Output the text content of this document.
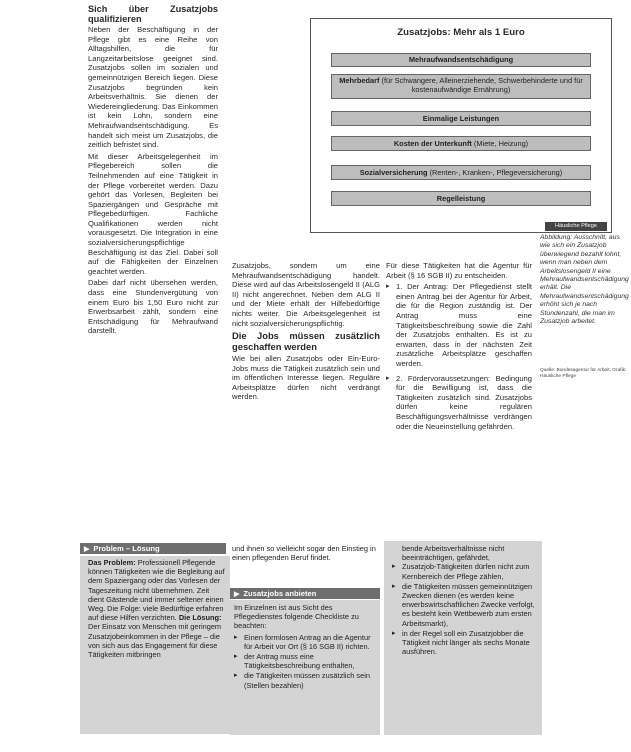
Sich über Zusatzjobs qualifizieren

Neben der Beschäftigung in der Pflege gibt es eine Reihe von Alltagshilfen, die für Langzeitarbeitslose geeignet sind. Zusatzjobs sollen im sozialen und gemeinnützigen Bereich liegen. Diese Zusatzjobs begründen kein Arbeitsverhältnis. Sie dienen der Wiedereingliederung. Das Einkommen ist kein Lohn, sondern eine Mehraufwandsentschädigung. Es handelt sich meist um Zusatzjobs, die zeitlich befristet sind.

Mit dieser Arbeitsgelegenheit im Pflegebereich sollen die Teilnehmenden auf eine Tätigkeit in der Pflege vorbereitet werden. Dazu gehört das Vorlesen, Begleiten bei Spaziergängen und Gespräche mit Pflegebedürftigen. Fachliche Qualifikationen werden nicht vorausgesetzt. Die Integration in eine sozialversicherungspflichtige Beschäftigung ist das Ziel. Dabei soll auf die Fähigkeiten der Einzelnen geachtet werden.

Dabei darf nicht übersehen werden, dass eine Stundenvergütung von einem Euro bis 1,50 Euro nicht zur Erwerbsarbeit zählt, sondern eine Entschädigung für Mehraufwand darstellt.

Zusatzjobs: Mehr als 1 Euro
Mehraufwandsentschädigung
Mehrbedarf (für Schwangere, Alleinerziehende, Schwerbehinderte und für kostenaufwändige Ernährung)
Einmalige Leistungen
Kosten der Unterkunft (Miete, Heizung)
Sozialversicherung (Renten-, Kranken-, Pflegeversicherung)
Regelleistung
Häusliche Pflege
Abbildung: Ausschnitt, aus wie sich ein Zusatzjob überwiegend bezahlt lohnt, wenn man neben dem Arbeitslosengeld II eine Mehraufwandsentschädigung erhält. Die Mehraufwandsentschädigung erhöht sich je nach Stundenzahl, die man im Zusatzjob arbeitet.
Quelle: Bundesagentur für Arbeit, Grafik: Häusliche Pflege

Zusatzjobs, sondern um eine Mehraufwandsentschädigung handelt. Diese wird auf das Arbeitslosengeld II (ALG II) nicht angerechnet. Neben dem ALG II und der Miete erhält der Hilfebedürftige nichts weiter. Die Arbeitsgelegenheit ist nicht sozialversicherungspflichtig.

Die Jobs müssen zusätzlich geschaffen werden

Wie bei allen Zusatzjobs oder Ein-Euro-Jobs muss die Tätigkeit zusätzlich sein und im öffentlichen Interesse liegen. Reguläre Arbeitsplätze dürfen nicht verdrängt werden.

Für diese Tätigkeiten hat die Agentur für Arbeit (§ 16 SGB II) zu entscheiden.

▸ 1. Der Antrag: Der Pflegedienst stellt einen Antrag bei der Agentur für Arbeit, die für die Region zuständig ist. Der Antrag muss eine Tätigkeitsbeschreibung sowie die Zahl der Zusatzjobs enthalten. Es ist zu erwarten, dass in der nächsten Zeit zusätzliche Arbeitsplätze geschaffen werden.
▸ 2. Fördervoraussetzungen: Bedingung für die Bewilligung ist, dass die Tätigkeiten zusätzlich sind. Zusatzjobs dürfen keine regulären Beschäftigungsverhältnisse verdrängen oder die Neueinstellung gefährden.
▶ Problem – Lösung
Das Problem: Professionell Pflegende können Tätigkeiten wie die Begleitung auf dem Spaziergang oder das Vorlesen der Tageszeitung nicht übernehmen. Zeit dient Gästende und immer seltener einen Weg. Die Folge: viele Bedürftige erfahren auf diese Hilfen verzichten. Die Lösung: Der Einsatz von Menschen mit geringem Zusatzjobeinkommen in der Pflege – die von sich aus das Engagement für diese Tätigkeiten mitbringen
und ihnen so vielleicht sogar den Einstieg in einen pflegenden Beruf findet.
▶ Zusatzjobs anbieten
Im Einzelnen ist aus Sicht des Pflegedienstes folgende Checkliste zu beachten:
▸ Einen formlosen Antrag an die Agentur für Arbeit vor Ort (§ 16 SGB II) richten.
▸ der Antrag muss eine Tätigkeitsbeschreibung enthalten,
▸ die Tätigkeiten müssen zusätzlich sein (Stellen bezahlen)
bende Arbeitsverhältnisse nicht beeinträchtigen, gefährdet,
▸ Zusatzjob-Tätigkeiten dürfen nicht zum Kernbereich der Pflege zählen,
▸ die Tätigkeiten müssen gemeinnützigen Zwecken dienen (es werden keine erwerbswirtschaftlichen Zwecke verfolgt, es besteht kein Wettbewerb zum ersten Arbeitsmarkt),
▸ in der Regel soll ein Zusatzjobber die Tätigkeit nicht länger als sechs Monate ausführen.
